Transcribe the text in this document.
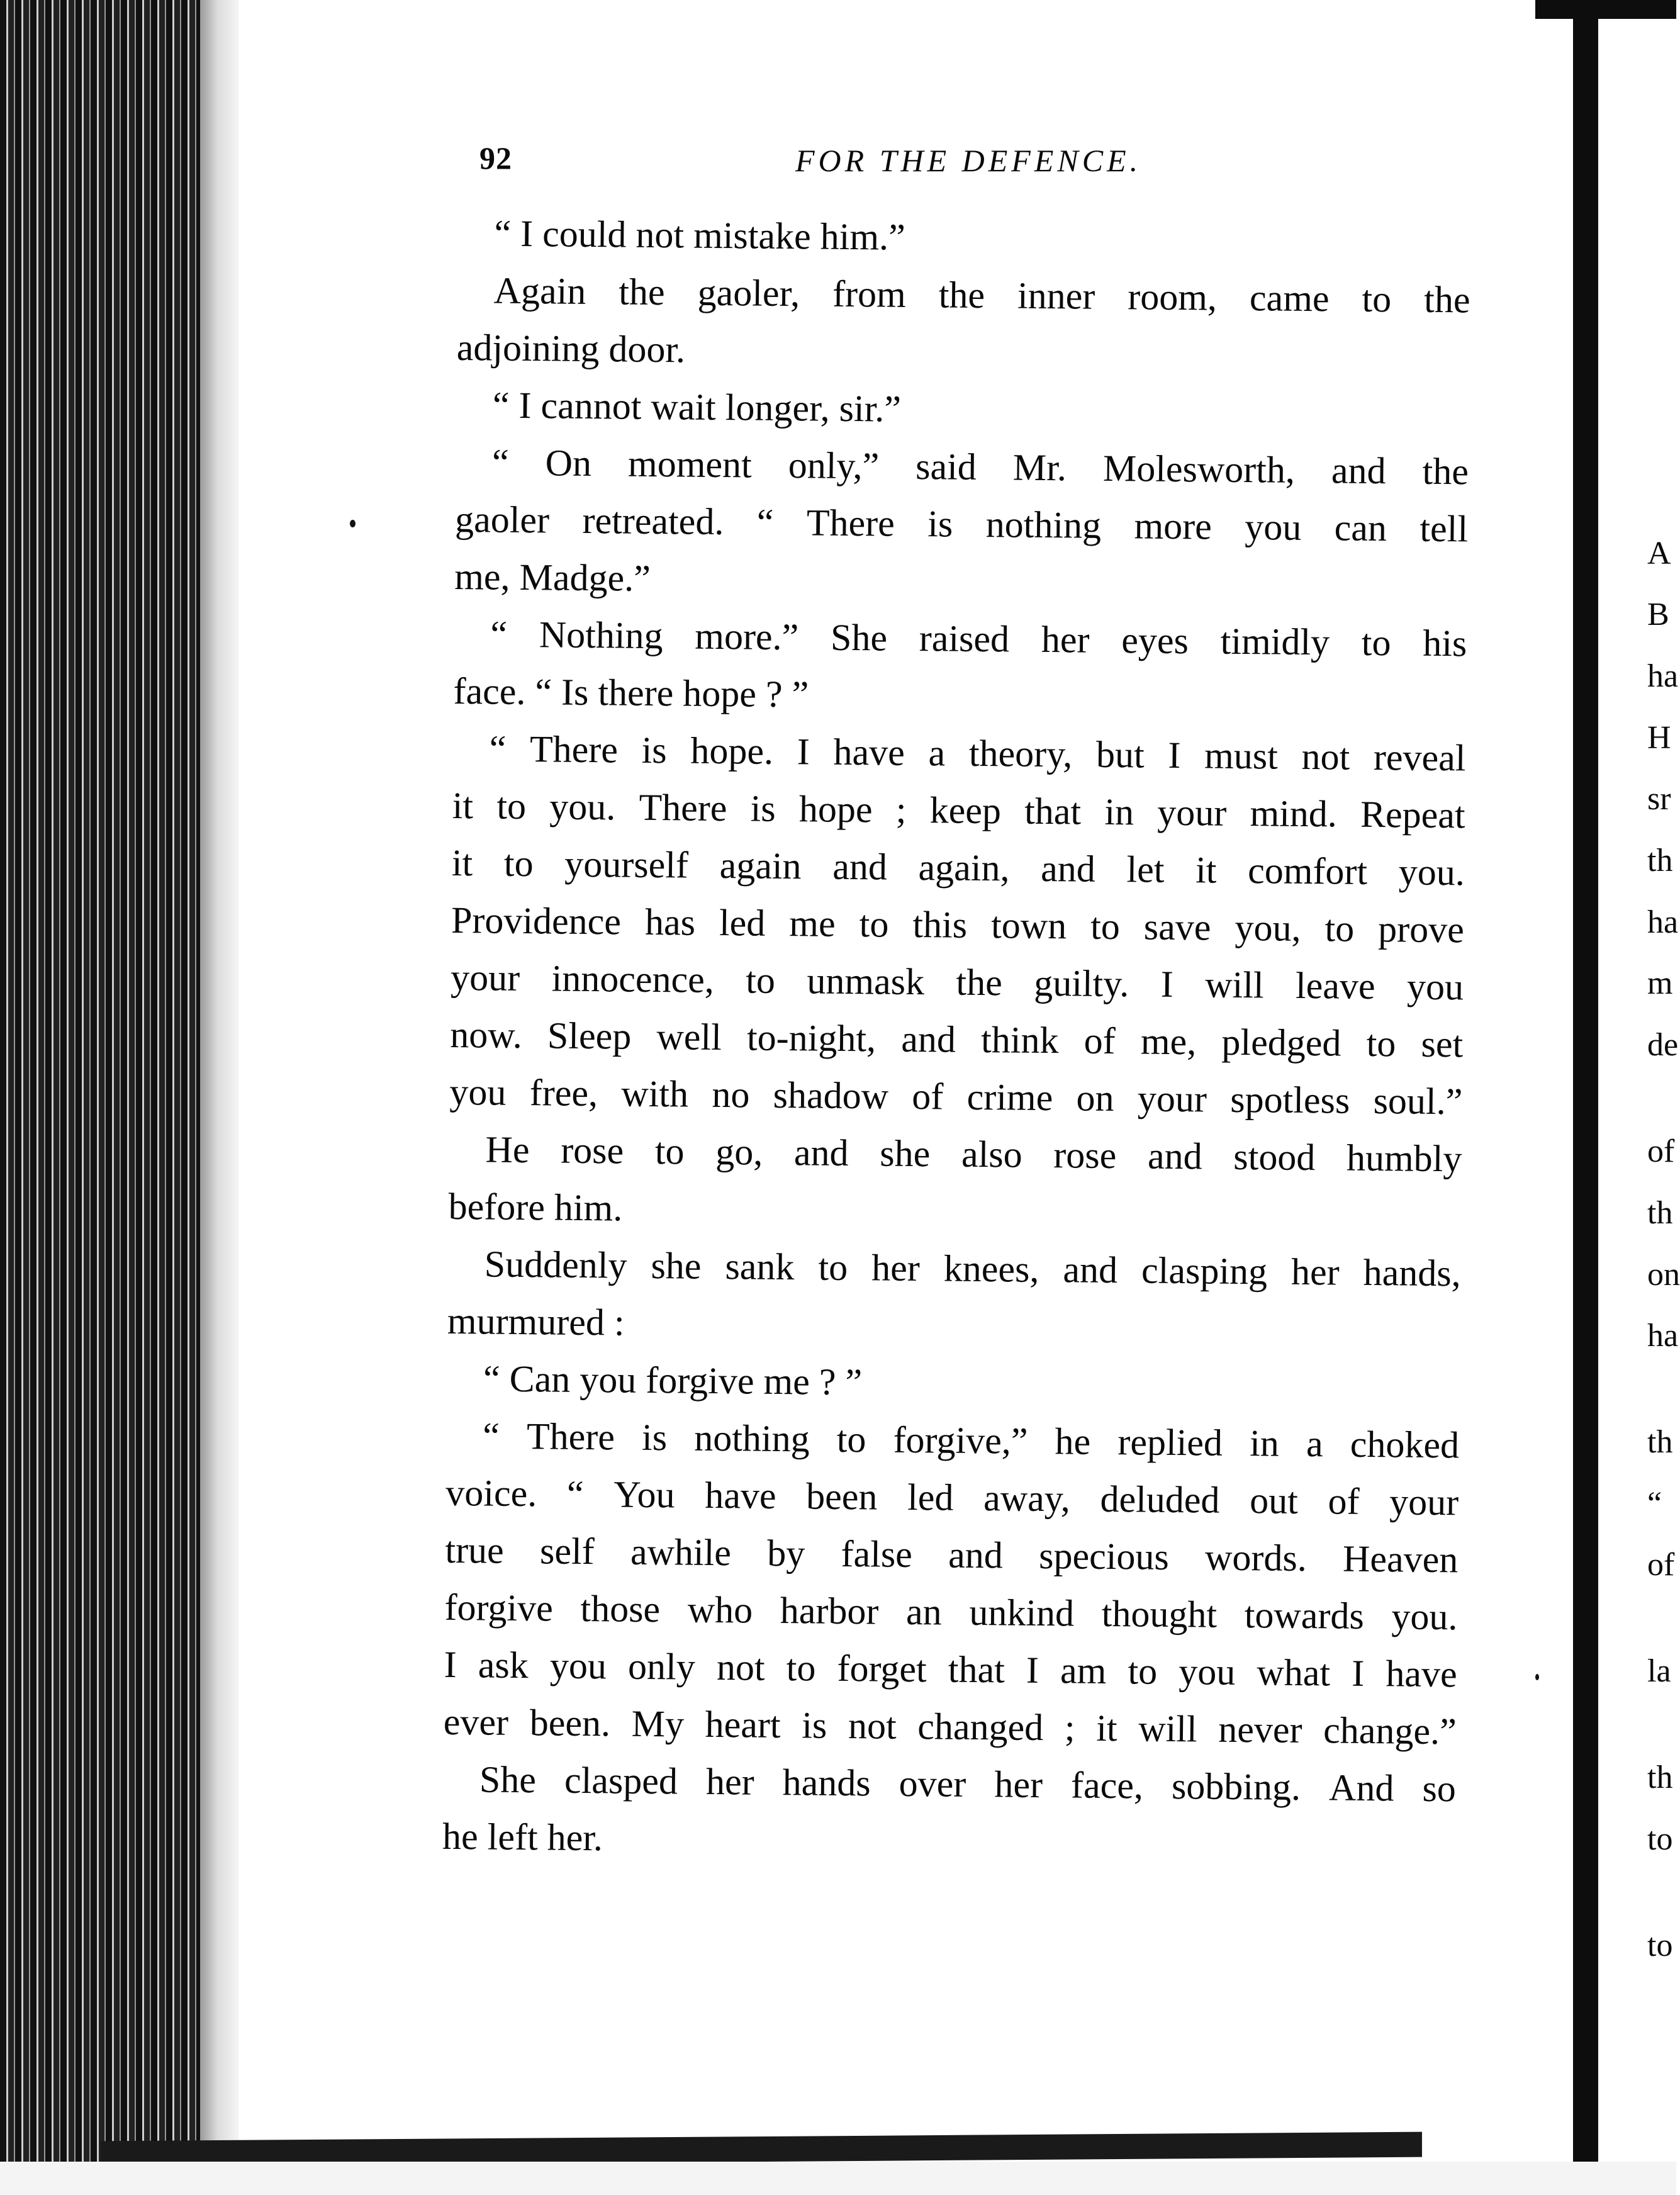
92	FOR THE DEFENCE.
“ I could not mistake him.”
Again the gaoler, from the inner room, came to the
adjoining door.
“ I cannot wait longer, sir.”
“ On moment only,” said Mr. Molesworth, and the
gaoler retreated. “ There is nothing more you can tell
me, Madge.”
“ Nothing more.” She raised her eyes timidly to his
face. “ Is there hope ? ”
“ There is hope. I have a theory, but I must not reveal
it to you. There is hope ; keep that in your mind. Repeat
it to yourself again and again, and let it comfort you.
Providence has led me to this town to save you, to prove
your innocence, to unmask the guilty. I will leave you
now. Sleep well to-night, and think of me, pledged to set
you free, with no shadow of crime on your spotless soul.”
He rose to go, and she also rose and stood humbly
before him.
Suddenly she sank to her knees, and clasping her hands,
murmured :
“ Can you forgive me ? ”
“ There is nothing to forgive,” he replied in a choked
voice. “ You have been led away, deluded out of your
true self awhile by false and specious words. Heaven
forgive those who harbor an unkind thought towards you.
I ask you only not to forget that I am to you what I have
ever been. My heart is not changed ; it will never change.”
She clasped her hands over her face, sobbing. And so
he left her.
A
B
ha
H
sr
th
ha
m
de
of
th
on
ha
th
“
of
la
th
to
to
